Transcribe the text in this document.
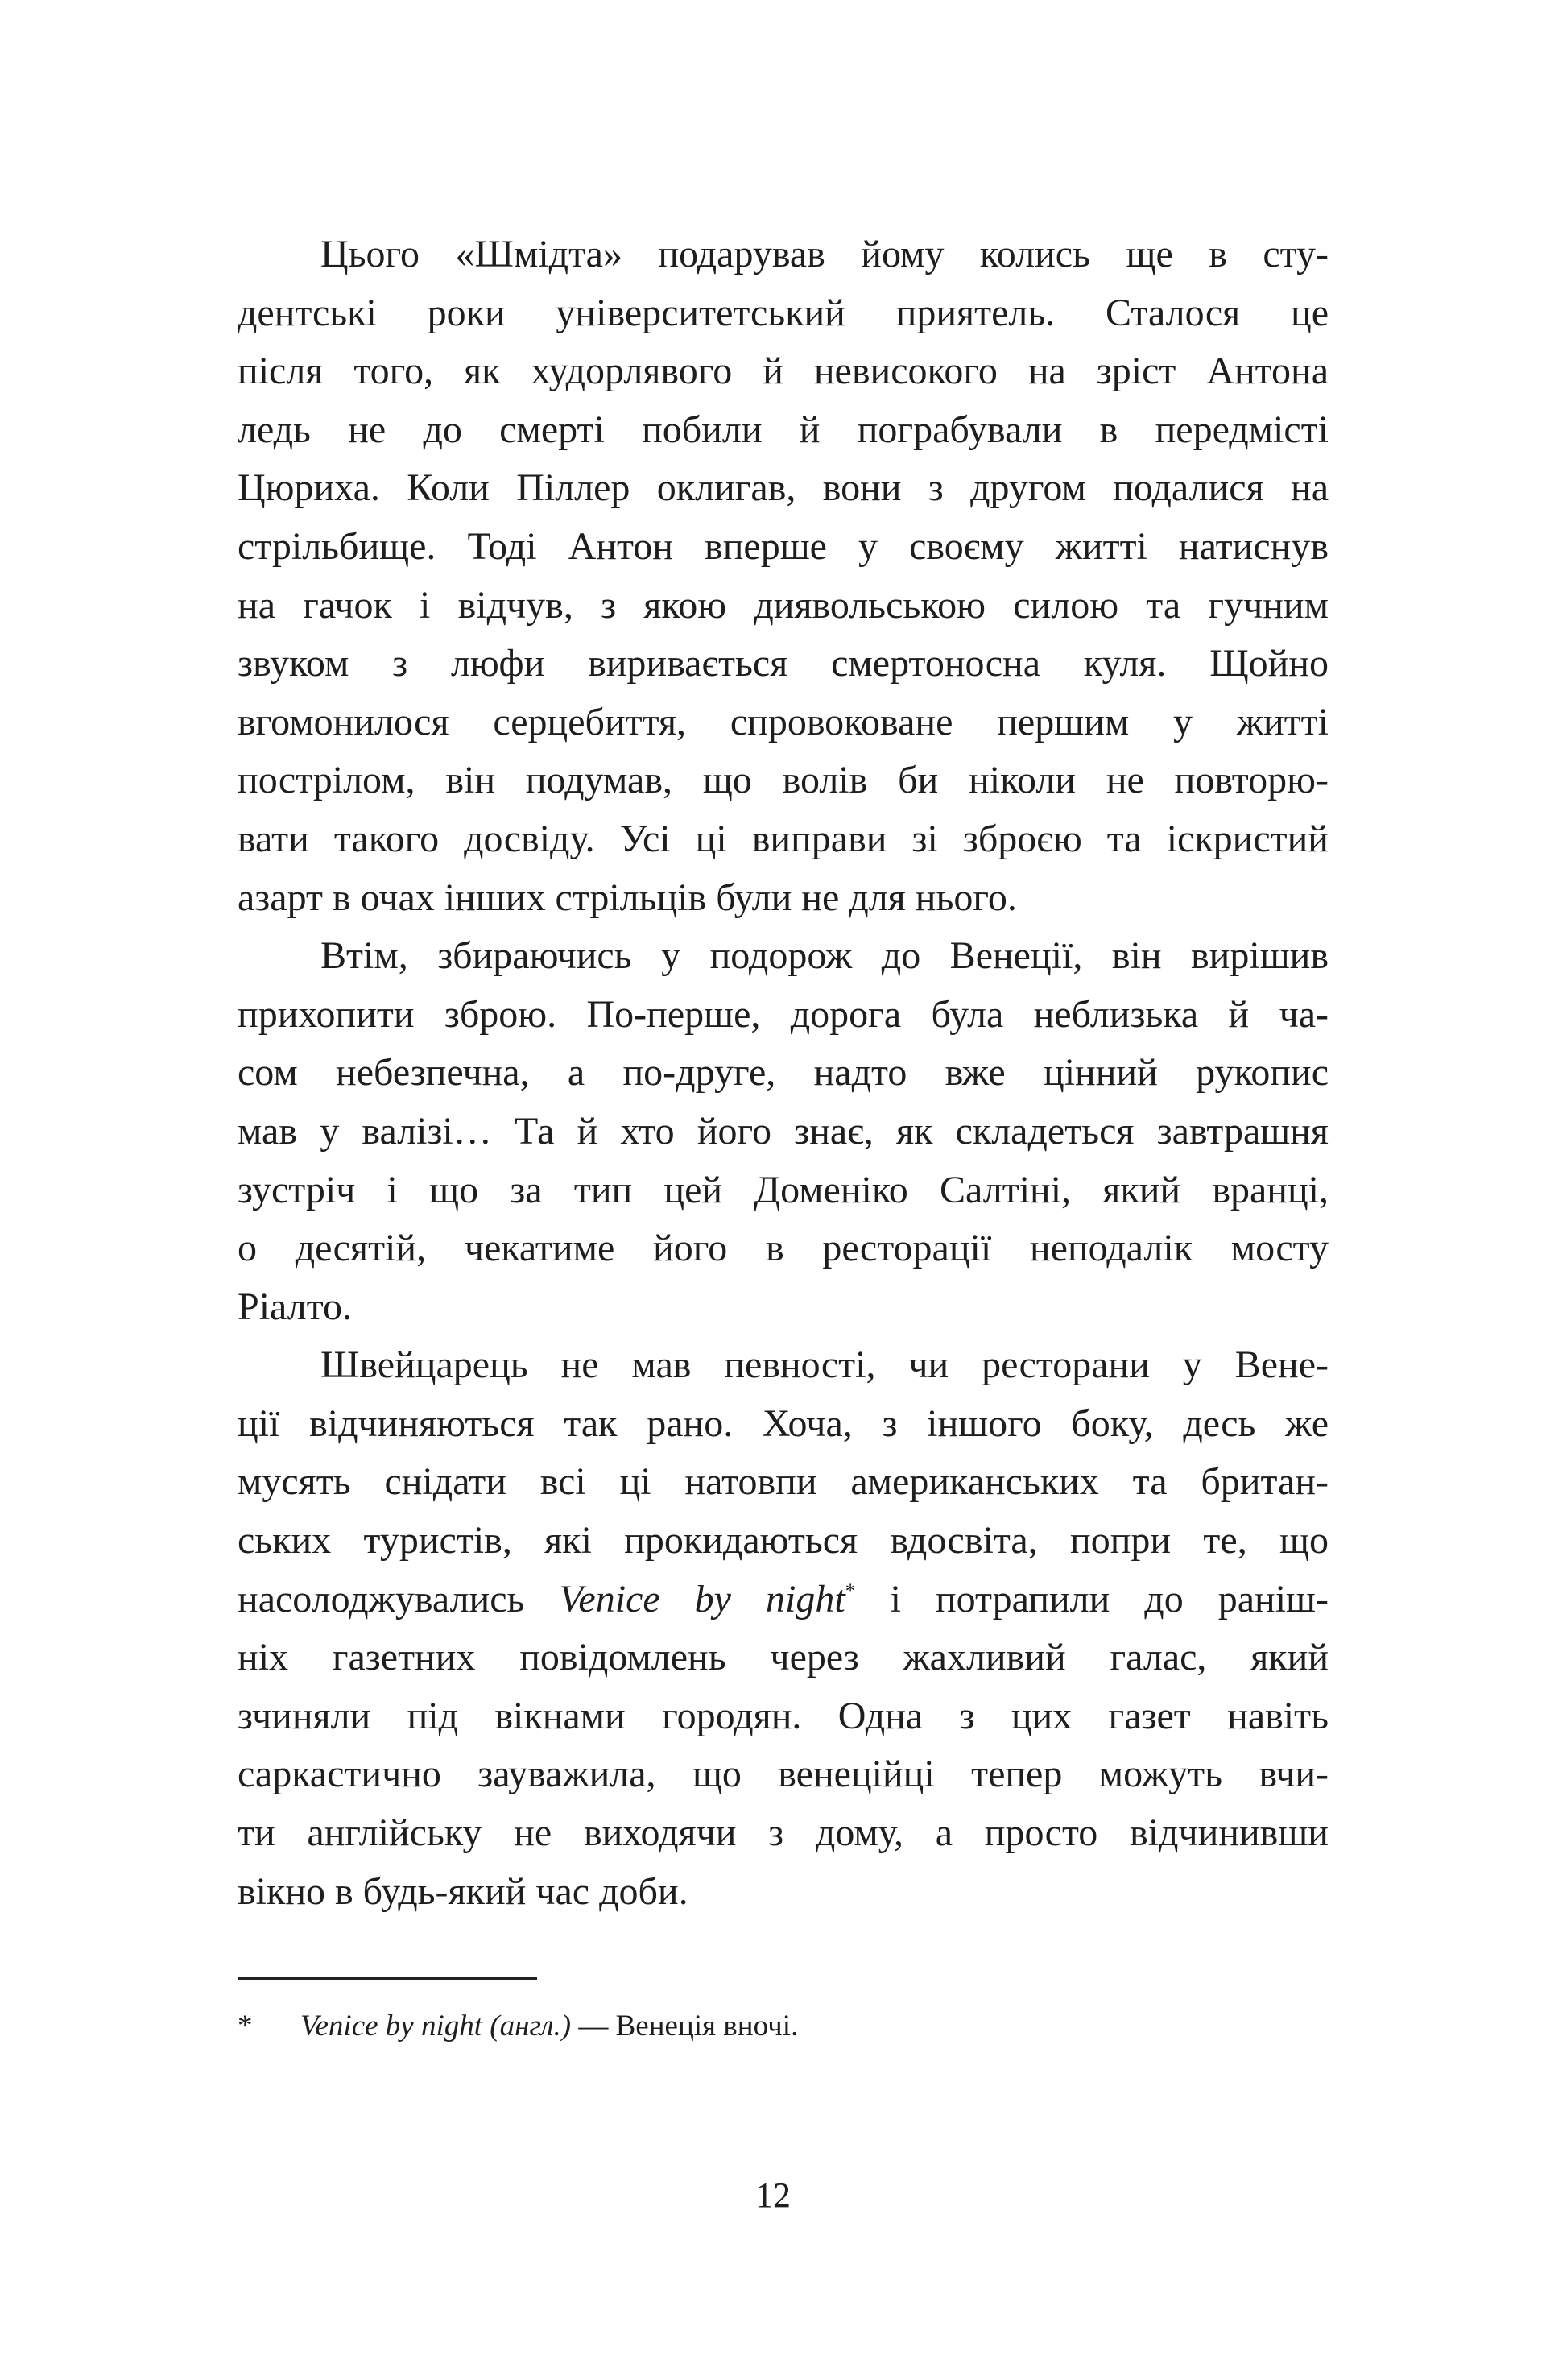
Цього «Шмідта» подарував йому колись ще в сту-
дентські роки університетський приятель. Сталося це
після того, як худорлявого й невисокого на зріст Антона
ледь не до смерті побили й пограбували в передмісті
Цюриха. Коли Піллер оклигав, вони з другом подалися на
стрільбище. Тоді Антон вперше у своєму житті натиснув
на гачок і відчув, з якою диявольською силою та гучним
звуком з люфи виривається смертоносна куля. Щойно
вгомонилося серцебиття, спровоковане першим у житті
пострілом, він подумав, що волів би ніколи не повторю-
вати такого досвіду. Усі ці виправи зі зброєю та іскристий
азарт в очах інших стрільців були не для нього.
Втім, збираючись у подорож до Венеції, він вирішив
прихопити зброю. По-перше, дорога була неблизька й ча-
сом небезпечна, а по-друге, надто вже цінний рукопис
мав у валізі… Та й хто його знає, як складеться завтрашня
зустріч і що за тип цей Доменіко Салтіні, який вранці,
о десятій, чекатиме його в ресторації неподалік мосту
Ріалто.
Швейцарець не мав певності, чи ресторани у Вене-
ції відчиняються так рано. Хоча, з іншого боку, десь же
мусять снідати всі ці натовпи американських та британ-
ських туристів, які прокидаються вдосвіта, попри те, що
насолоджувались Venice by night* і потрапили до раніш-
ніх газетних повідомлень через жахливий галас, який
зчиняли під вікнами городян. Одна з цих газет навіть
саркастично зауважила, що венеційці тепер можуть вчи-
ти англійську не виходячи з дому, а просто відчинивши
вікно в будь-який час доби.
* Venice by night (англ.) — Венеція вночі.
12
